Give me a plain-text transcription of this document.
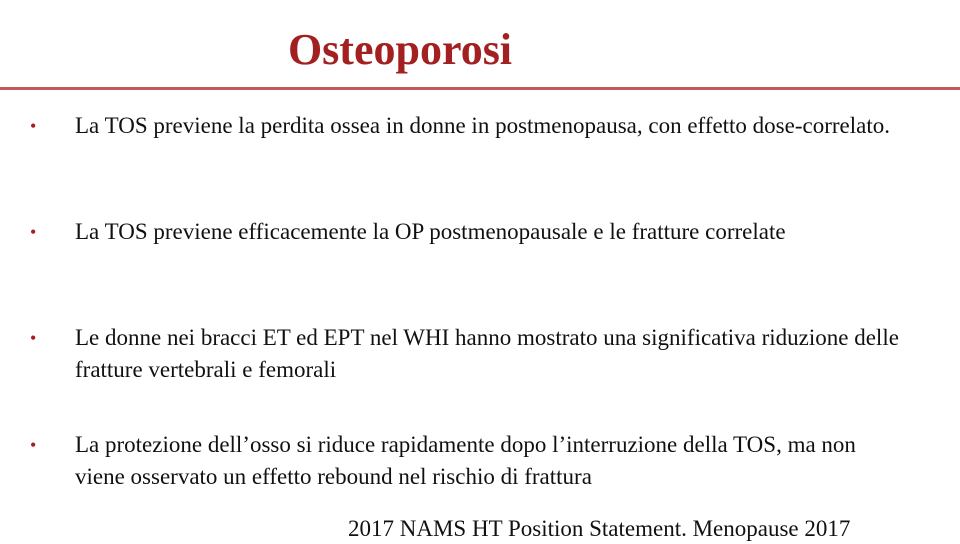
Osteoporosi
• La TOS previene la perdita ossea in donne in postmenopausa, con effetto dose-correlato.
• La TOS previene efficacemente la OP postmenopausale e le fratture correlate
• Le donne nei bracci ET ed EPT nel WHI hanno mostrato una significativa riduzione delle fratture vertebrali e femorali
• La protezione dell’osso si riduce rapidamente dopo l’interruzione della TOS, ma non viene osservato un effetto rebound nel rischio di frattura
2017 NAMS HT Position Statement. Menopause 2017
